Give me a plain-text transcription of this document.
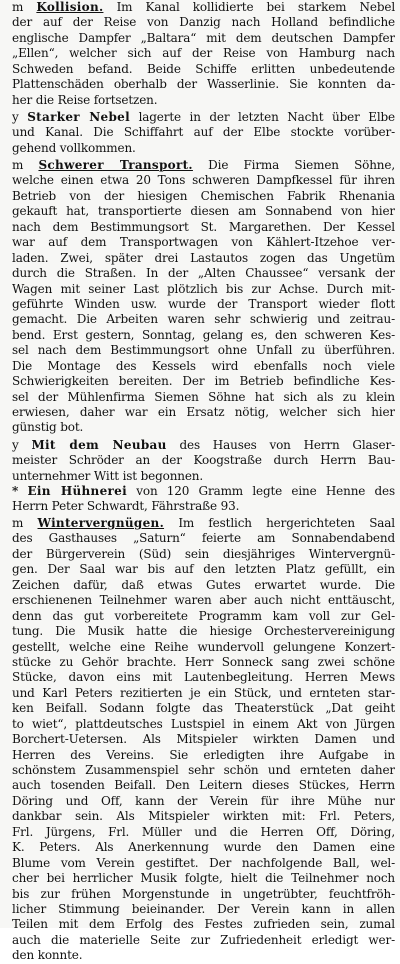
m Kollision. Im Kanal kollidierte bei starkem Nebel
der auf der Reise von Danzig nach Holland befindliche
englische Dampfer „Baltara“ mit dem deutschen Dampfer
„Ellen“, welcher sich auf der Reise von Hamburg nach
Schweden befand. Beide Schiffe erlitten unbedeutende
Plattenschäden oberhalb der Wasserlinie. Sie konnten da-
her die Reise fortsetzen.
y Starker Nebel lagerte in der letzten Nacht über Elbe
und Kanal. Die Schiffahrt auf der Elbe stockte vorüber-
gehend vollkommen.
m Schwerer Transport. Die Firma Siemen Söhne,
welche einen etwa 20 Tons schweren Dampfkessel für ihren
Betrieb von der hiesigen Chemischen Fabrik Rhenania
gekauft hat, transportierte diesen am Sonnabend von hier
nach dem Bestimmungsort St. Margarethen. Der Kessel
war auf dem Transportwagen von Kählert-Itzehoe ver-
laden. Zwei, später drei Lastautos zogen das Ungetüm
durch die Straßen. In der „Alten Chaussee“ versank der
Wagen mit seiner Last plötzlich bis zur Achse. Durch mit-
geführte Winden usw. wurde der Transport wieder flott
gemacht. Die Arbeiten waren sehr schwierig und zeitrau-
bend. Erst gestern, Sonntag, gelang es, den schweren Kes-
sel nach dem Bestimmungsort ohne Unfall zu überführen.
Die Montage des Kessels wird ebenfalls noch viele
Schwierigkeiten bereiten. Der im Betrieb befindliche Kes-
sel der Mühlenfirma Siemen Söhne hat sich als zu klein
erwiesen, daher war ein Ersatz nötig, welcher sich hier
günstig bot.
y Mit dem Neubau des Hauses von Herrn Glaser-
meister Schröder an der Koogstraße durch Herrn Bau-
unternehmer Witt ist begonnen.
* Ein Hühnerei von 120 Gramm legte eine Henne des
Herrn Peter Schwardt, Fährstraße 93.
m Wintervergnügen. Im festlich hergerichteten Saal
des Gasthauses „Saturn“ feierte am Sonnabendabend
der Bürgerverein (Süd) sein diesjähriges Wintervergnü-
gen. Der Saal war bis auf den letzten Platz gefüllt, ein
Zeichen dafür, daß etwas Gutes erwartet wurde. Die
erschienenen Teilnehmer waren aber auch nicht enttäuscht,
denn das gut vorbereitete Programm kam voll zur Gel-
tung. Die Musik hatte die hiesige Orchestervereinigung
gestellt, welche eine Reihe wundervoll gelungene Konzert-
stücke zu Gehör brachte. Herr Sonneck sang zwei schöne
Stücke, davon eins mit Lautenbegleitung. Herren Mews
und Karl Peters rezitierten je ein Stück, und ernteten star-
ken Beifall. Sodann folgte das Theaterstück „Dat geiht
to wiet“, plattdeutsches Lustspiel in einem Akt von Jürgen
Borchert-Uetersen. Als Mitspieler wirkten Damen und
Herren des Vereins. Sie erledigten ihre Aufgabe in
schönstem Zusammenspiel sehr schön und ernteten daher
auch tosenden Beifall. Den Leitern dieses Stückes, Herrn
Döring und Off, kann der Verein für ihre Mühe nur
dankbar sein. Als Mitspieler wirkten mit: Frl. Peters,
Frl. Jürgens, Frl. Müller und die Herren Off, Döring,
K. Peters. Als Anerkennung wurde den Damen eine
Blume vom Verein gestiftet. Der nachfolgende Ball, wel-
cher bei herrlicher Musik folgte, hielt die Teilnehmer noch
bis zur frühen Morgenstunde in ungetrübter, feuchtfröh-
licher Stimmung beieinander. Der Verein kann in allen
Teilen mit dem Erfolg des Festes zufrieden sein, zumal
auch die materielle Seite zur Zufriedenheit erledigt wer-
den konnte.
